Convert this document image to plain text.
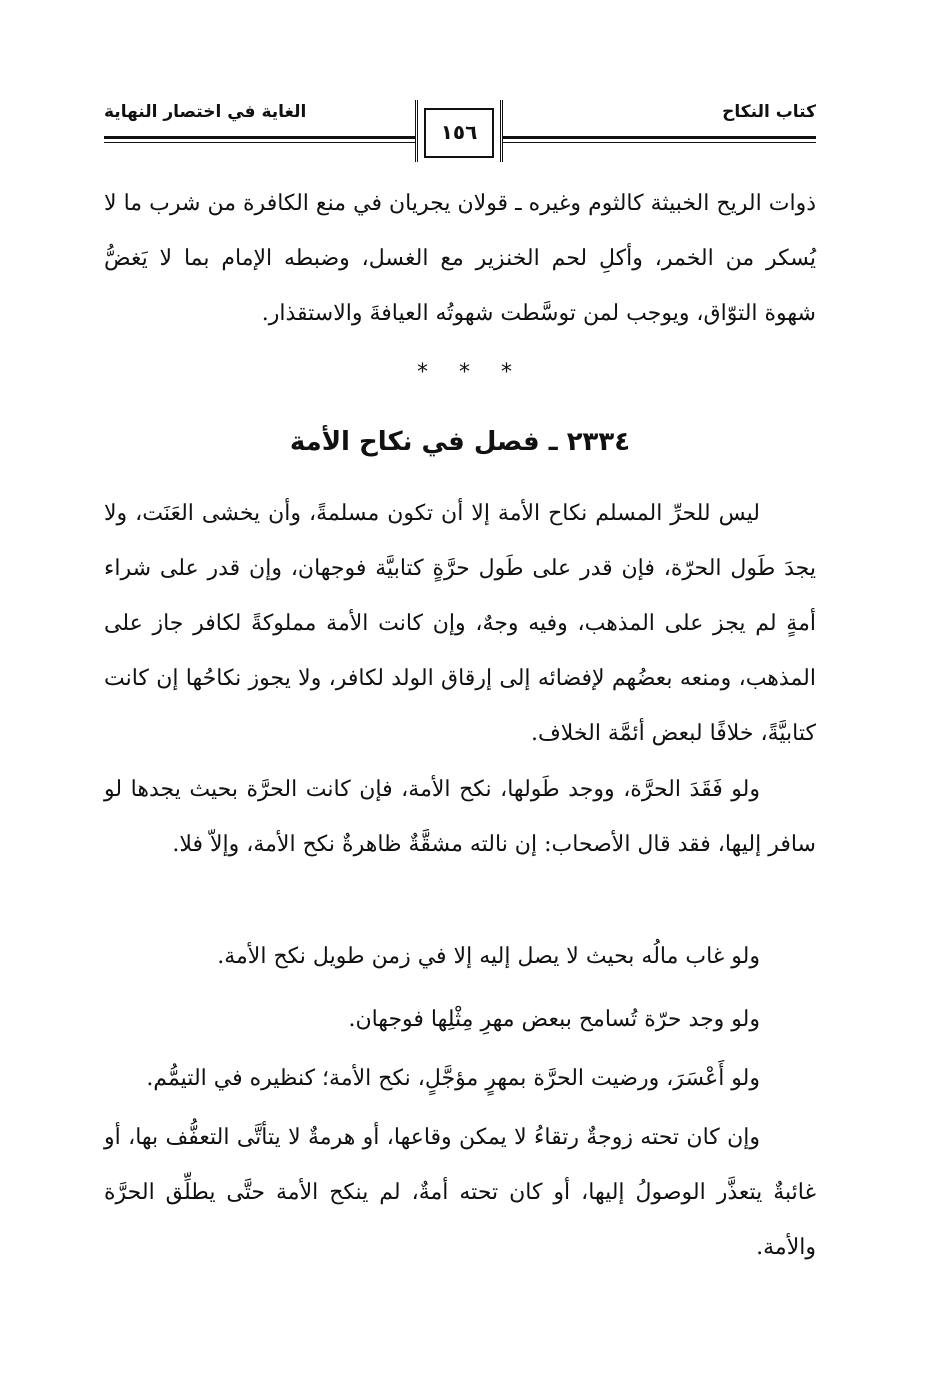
كتاب النكاح
الغاية في اختصار النهاية
١٥٦
ذوات الريح الخبيثة كالثوم وغيره ـ قولان يجريان في منع الكافرة من شرب ما لا يُسكر من الخمر، وأكلِ لحم الخنزير مع الغسل، وضبطه الإمام بما لا يَغضُّ شهوة التوّاق، ويوجب لمن توسَّطت شهوتُه العيافةَ والاستقذار.
* * *
٢٣٣٤ ـ فصل في نكاح الأمة
ليس للحرِّ المسلم نكاح الأمة إلا أن تكون مسلمةً، وأن يخشى العَنَت، ولا يجدَ طَول الحرّة، فإن قدر على طَول حرَّةٍ كتابيَّة فوجهان، وإن قدر على شراء أمةٍ لم يجز على المذهب، وفيه وجهٌ، وإن كانت الأمة مملوكةً لكافر جاز على المذهب، ومنعه بعضُهم لإفضائه إلى إرقاق الولد لكافر، ولا يجوز نكاحُها إن كانت كتابيَّةً، خلافًا لبعض أئمَّة الخلاف.
ولو فَقَدَ الحرَّة، ووجد طَولها، نكح الأمة، فإن كانت الحرَّة بحيث يجدها لو سافر إليها، فقد قال الأصحاب: إن نالته مشقَّةٌ ظاهرةٌ نكح الأمة، وإلاّ فلا.
ولو غاب مالُه بحيث لا يصل إليه إلا في زمن طويل نكح الأمة.
ولو وجد حرّة تُسامح ببعض مهرِ مِثْلِها فوجهان.
ولو أَعْسَرَ، ورضيت الحرَّة بمهرٍ مؤجَّلٍ، نكح الأمة؛ كنظيره في التيمُّم.
وإن كان تحته زوجةٌ رتقاءُ لا يمكن وقاعها، أو هرمةٌ لا يتأتَّى التعفُّف بها، أو غائبةٌ يتعذَّر الوصولُ إليها، أو كان تحته أمةٌ، لم ينكح الأمة حتَّى يطلِّق الحرَّة والأمة.
